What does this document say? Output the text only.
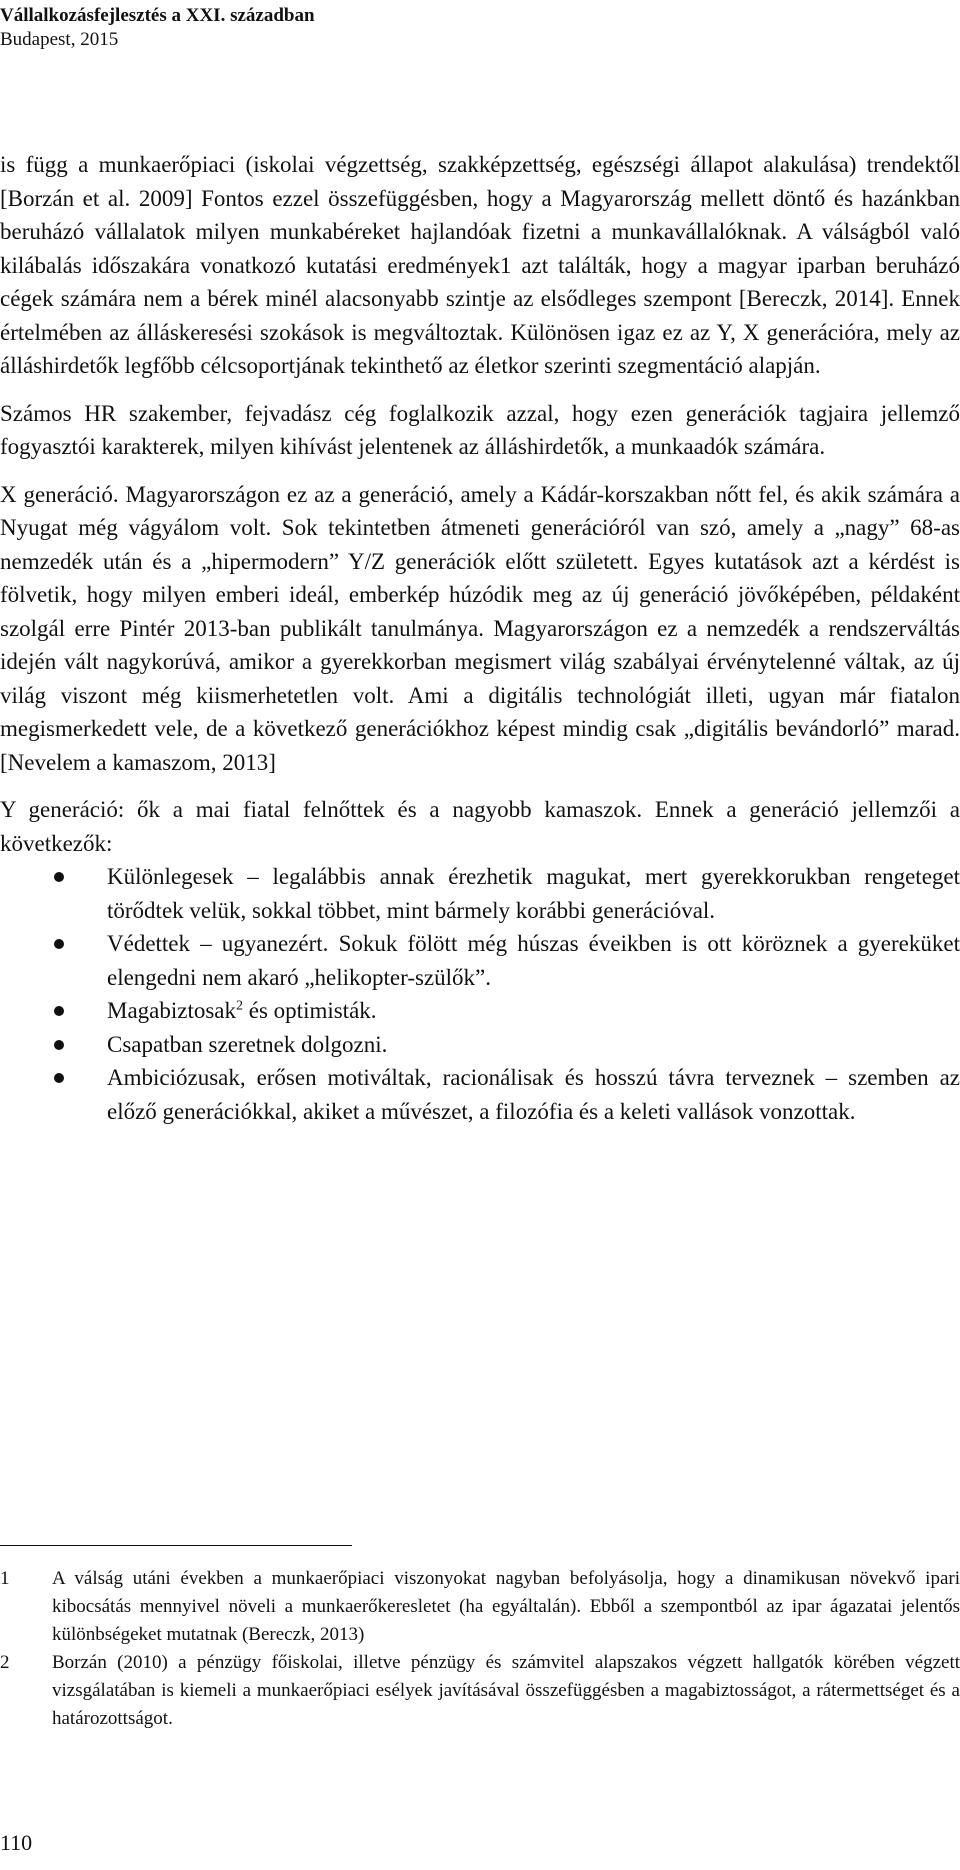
Vállalkozásfejlesztés a XXI. században
Budapest, 2015

is függ a munkaerőpiaci (iskolai végzettség, szakképzettség, egészségi állapot alakulása) trendektől [Borzán et al. 2009] Fontos ezzel összefüggésben, hogy a Magyarország mellett döntő és hazánkban beruházó vállalatok milyen munkabéreket hajlandóak fizetni a munkavállalóknak. A válságból való kilábalás időszakára vonatkozó kutatási eredmények1 azt találták, hogy a magyar iparban beruházó cégek számára nem a bérek minél alacsonyabb szintje az elsődleges szempont [Bereczk, 2014]. Ennek értelmében az álláskeresési szokások is megváltoztak. Különösen igaz ez az Y, X generációra, mely az álláshirdetők legfőbb célcsoportjának tekinthető az életkor szerinti szegmentáció alapján.

Számos HR szakember, fejvadász cég foglalkozik azzal, hogy ezen generációk tagjaira jellemző fogyasztói karakterek, milyen kihívást jelentenek az álláshirdetők, a munkaadók számára.

X generáció. Magyarországon ez az a generáció, amely a Kádár-korszakban nőtt fel, és akik számára a Nyugat még vágyálom volt. Sok tekintetben átmeneti generációról van szó, amely a „nagy” 68-as nemzedék után és a „hipermodern” Y/Z generációk előtt született. Egyes kutatások azt a kérdést is fölvetik, hogy milyen emberi ideál, emberkép húzódik meg az új generáció jövőképében, példaként szolgál erre Pintér 2013-ban publikált tanulmánya. Magyarországon ez a nemzedék a rendszerváltás idején vált nagykorúvá, amikor a gyerekkorban megismert világ szabályai érvénytelenné váltak, az új világ viszont még kiismerhetetlen volt. Ami a digitális technológiát illeti, ugyan már fiatalon megismerkedett vele, de a következő generációkhoz képest mindig csak „digitális bevándorló” marad. [Nevelem a kamaszom, 2013]

Y generáció: ők a mai fiatal felnőttek és a nagyobb kamaszok. Ennek a generáció jellemzői a következők:

Különlegesek – legalábbis annak érezhetik magukat, mert gyerekkorukban rengeteget törődtek velük, sokkal többet, mint bármely korábbi generációval.
Védettek – ugyanezért. Sokuk fölött még húszas éveikben is ott köröznek a gyereküket elengedni nem akaró „helikopter-szülők”.
Magabiztosak$^2$ és optimisták.
Csapatban szeretnek dolgozni.
Ambiciózusak, erősen motiváltak, racionálisak és hosszú távra terveznek – szemben az előző generációkkal, akiket a művészet, a filozófia és a keleti vallások vonzottak.
1 A válság utáni években a munkaerőpiaci viszonyokat nagyban befolyásolja, hogy a dinamikusan növekvő ipari kibocsátás mennyivel növeli a munkaerőkeresletet (ha egyáltalán). Ebből a szempontból az ipar ágazatai jelentős különbségeket mutatnak (Bereczk, 2013)
2 Borzán (2010) a pénzügy főiskolai, illetve pénzügy és számvitel alapszakos végzett hallgatók körében végzett vizsgálatában is kiemeli a munkaerőpiaci esélyek javításával összefüggésben a magabiztosságot, a rátermettséget és a határozottságot.
110
